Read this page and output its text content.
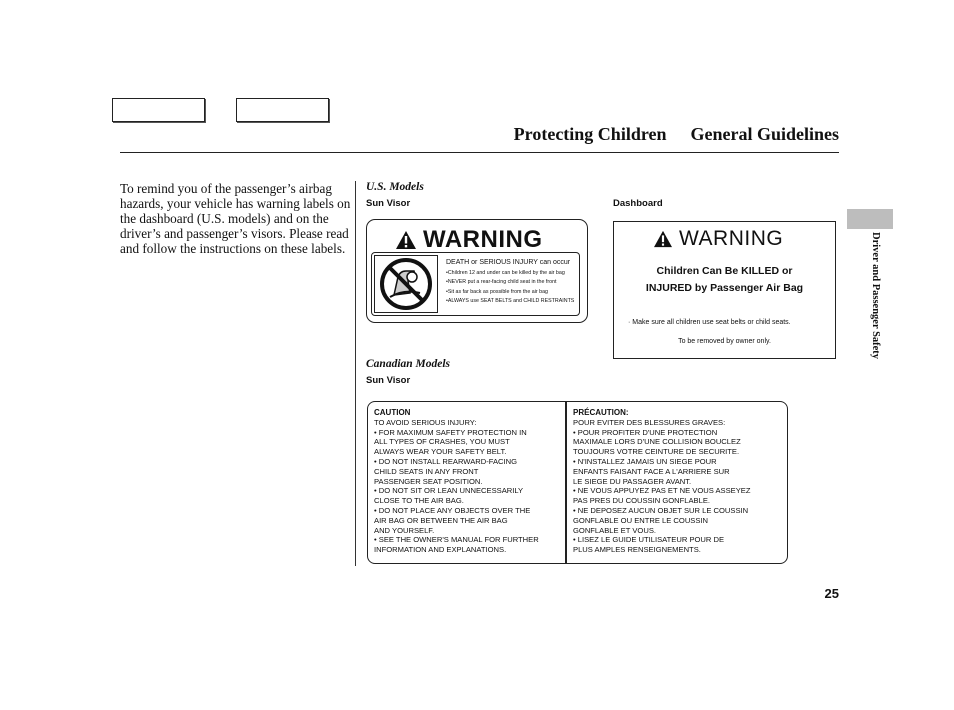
Protecting Children General Guidelines
Driver and Passenger Safety
To remind you of the passenger’s airbag hazards, your vehicle has warning labels on the dashboard (U.S. models) and on the driver’s and passenger’s visors. Please read and follow the instructions on these labels.
U.S. Models
Sun Visor	Dashboard
WARNING
DEATH or SERIOUS INJURY can occur
•Children 12 and under can be killed by the air bag
•NEVER put a rear-facing child seat in the front
•Sit as far back as possible from the air bag
•ALWAYS use SEAT BELTS and CHILD RESTRAINTS
WARNING
Children Can Be KILLED or
INJURED by Passenger Air Bag
· Make sure all children use seat belts or child seats.
To be removed by owner only.
Canadian Models
Sun Visor
CAUTION
TO AVOID SERIOUS INJURY:
• FOR MAXIMUM SAFETY PROTECTION IN
ALL TYPES OF CRASHES, YOU MUST
ALWAYS WEAR YOUR SAFETY BELT.
• DO NOT INSTALL REARWARD-FACING
CHILD SEATS IN ANY FRONT
PASSENGER SEAT POSITION.
• DO NOT SIT OR LEAN UNNECESSARILY
CLOSE TO THE AIR BAG.
• DO NOT PLACE ANY OBJECTS OVER THE
AIR BAG OR BETWEEN THE AIR BAG
AND YOURSELF.
• SEE THE OWNER'S MANUAL FOR FURTHER
INFORMATION AND EXPLANATIONS.
PRÉCAUTION:
POUR EVITER DES BLESSURES GRAVES:
• POUR PROFITER D'UNE PROTECTION
MAXIMALE LORS D'UNE COLLISION BOUCLEZ
TOUJOURS VOTRE CEINTURE DE SECURITE.
• N'INSTALLEZ JAMAIS UN SIEGE POUR
ENFANTS FAISANT FACE A L'ARRIERE SUR
LE SIEGE DU PASSAGER AVANT.
• NE VOUS APPUYEZ PAS ET NE VOUS ASSEYEZ
PAS PRES DU COUSSIN GONFLABLE.
• NE DEPOSEZ AUCUN OBJET SUR LE COUSSIN
GONFLABLE OU ENTRE LE COUSSIN
GONFLABLE ET VOUS.
• LISEZ LE GUIDE UTILISATEUR POUR DE
PLUS AMPLES RENSEIGNEMENTS.
25
